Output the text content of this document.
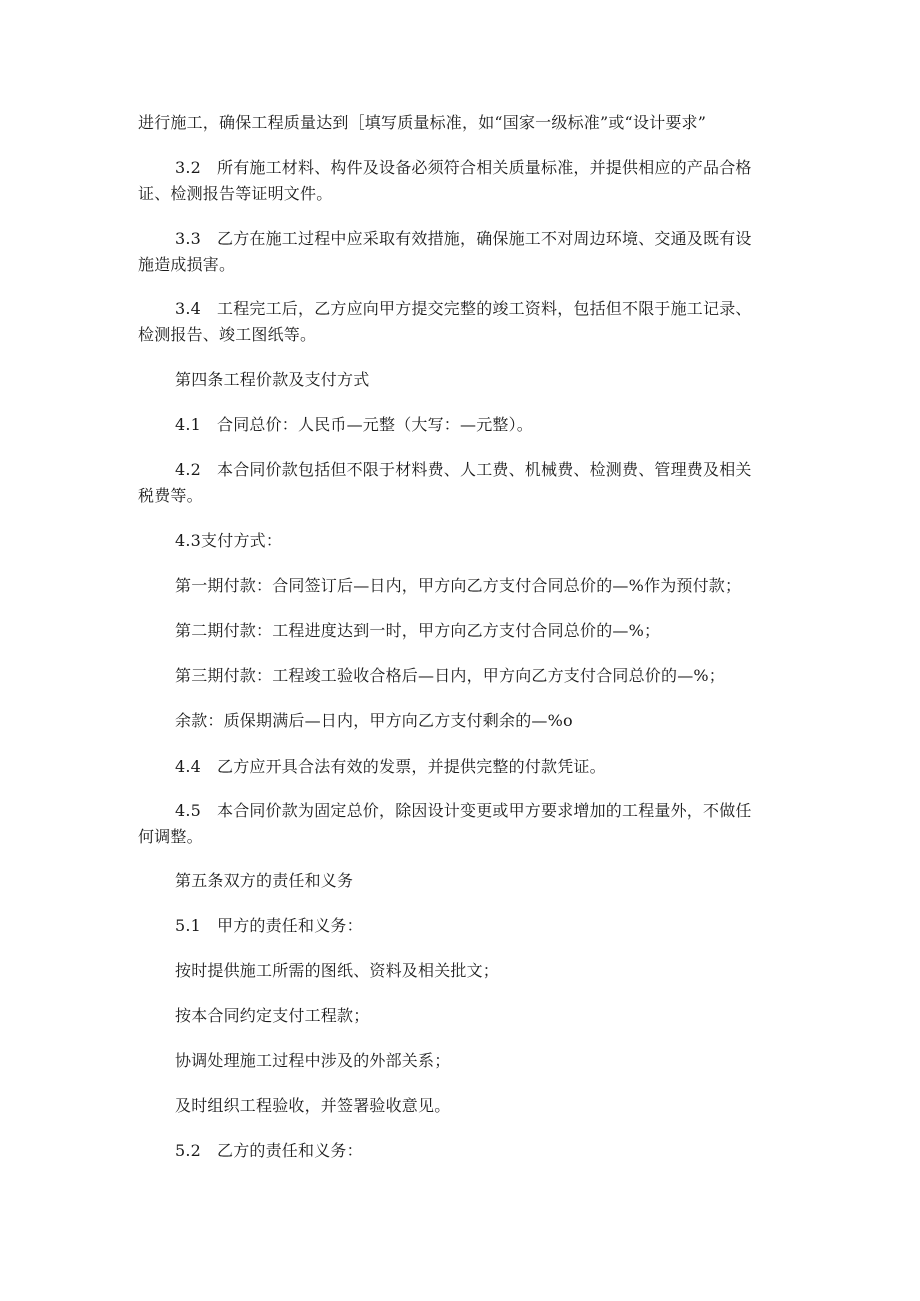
进行施工，确保工程质量达到［填写质量标准，如“国家一级标准”或“设计要求”
3.2 所有施工材料、构件及设备必须符合相关质量标准，并提供相应的产品合格
证、检测报告等证明文件。
3.3 乙方在施工过程中应采取有效措施，确保施工不对周边环境、交通及既有设
施造成损害。
3.4 工程完工后，乙方应向甲方提交完整的竣工资料，包括但不限于施工记录、
检测报告、竣工图纸等。
第四条工程价款及支付方式
4.1 合同总价：人民币—元整（大写：—元整）。
4.2 本合同价款包括但不限于材料费、人工费、机械费、检测费、管理费及相关
税费等。
4.3支付方式：
第一期付款：合同签订后—日内，甲方向乙方支付合同总价的—%作为预付款；
第二期付款：工程进度达到一时，甲方向乙方支付合同总价的—%；
第三期付款：工程竣工验收合格后—日内，甲方向乙方支付合同总价的—%；
余款：质保期满后—日内，甲方向乙方支付剩余的—%o
4.4 乙方应开具合法有效的发票，并提供完整的付款凭证。
4.5 本合同价款为固定总价，除因设计变更或甲方要求增加的工程量外，不做任
何调整。
第五条双方的责任和义务
5.1 甲方的责任和义务：
按时提供施工所需的图纸、资料及相关批文；
按本合同约定支付工程款；
协调处理施工过程中涉及的外部关系；
及时组织工程验收，并签署验收意见。
5.2 乙方的责任和义务：
